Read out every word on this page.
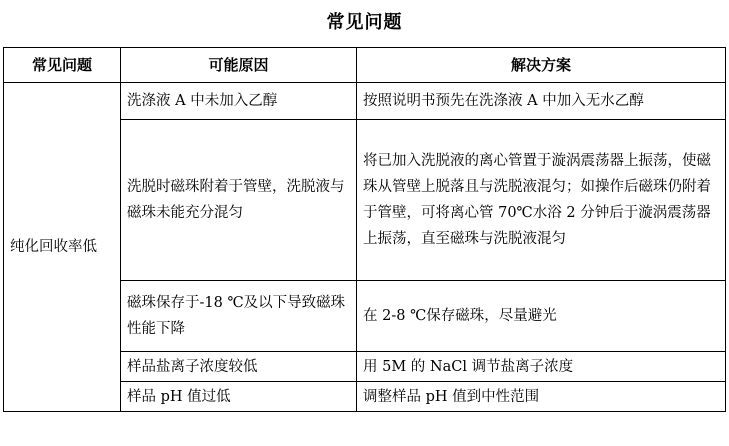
常见问题
常见问题	可能原因	解决方案
纯化回收率低	洗涤液 A 中未加入乙醇	按照说明书预先在洗涤液 A 中加入无水乙醇
	洗脱时磁珠附着于管壁，洗脱液与磁珠未能充分混匀	将已加入洗脱液的离心管置于漩涡震荡器上振荡，使磁珠从管壁上脱落且与洗脱液混匀；如操作后磁珠仍附着于管壁，可将离心管 70℃水浴 2 分钟后于漩涡震荡器上振荡，直至磁珠与洗脱液混匀
	磁珠保存于-18 ℃及以下导致磁珠性能下降	在 2-8 ℃保存磁珠，尽量避光
	样品盐离子浓度较低	用 5M 的 NaCl 调节盐离子浓度
	样品 pH 值过低	调整样品 pH 值到中性范围
